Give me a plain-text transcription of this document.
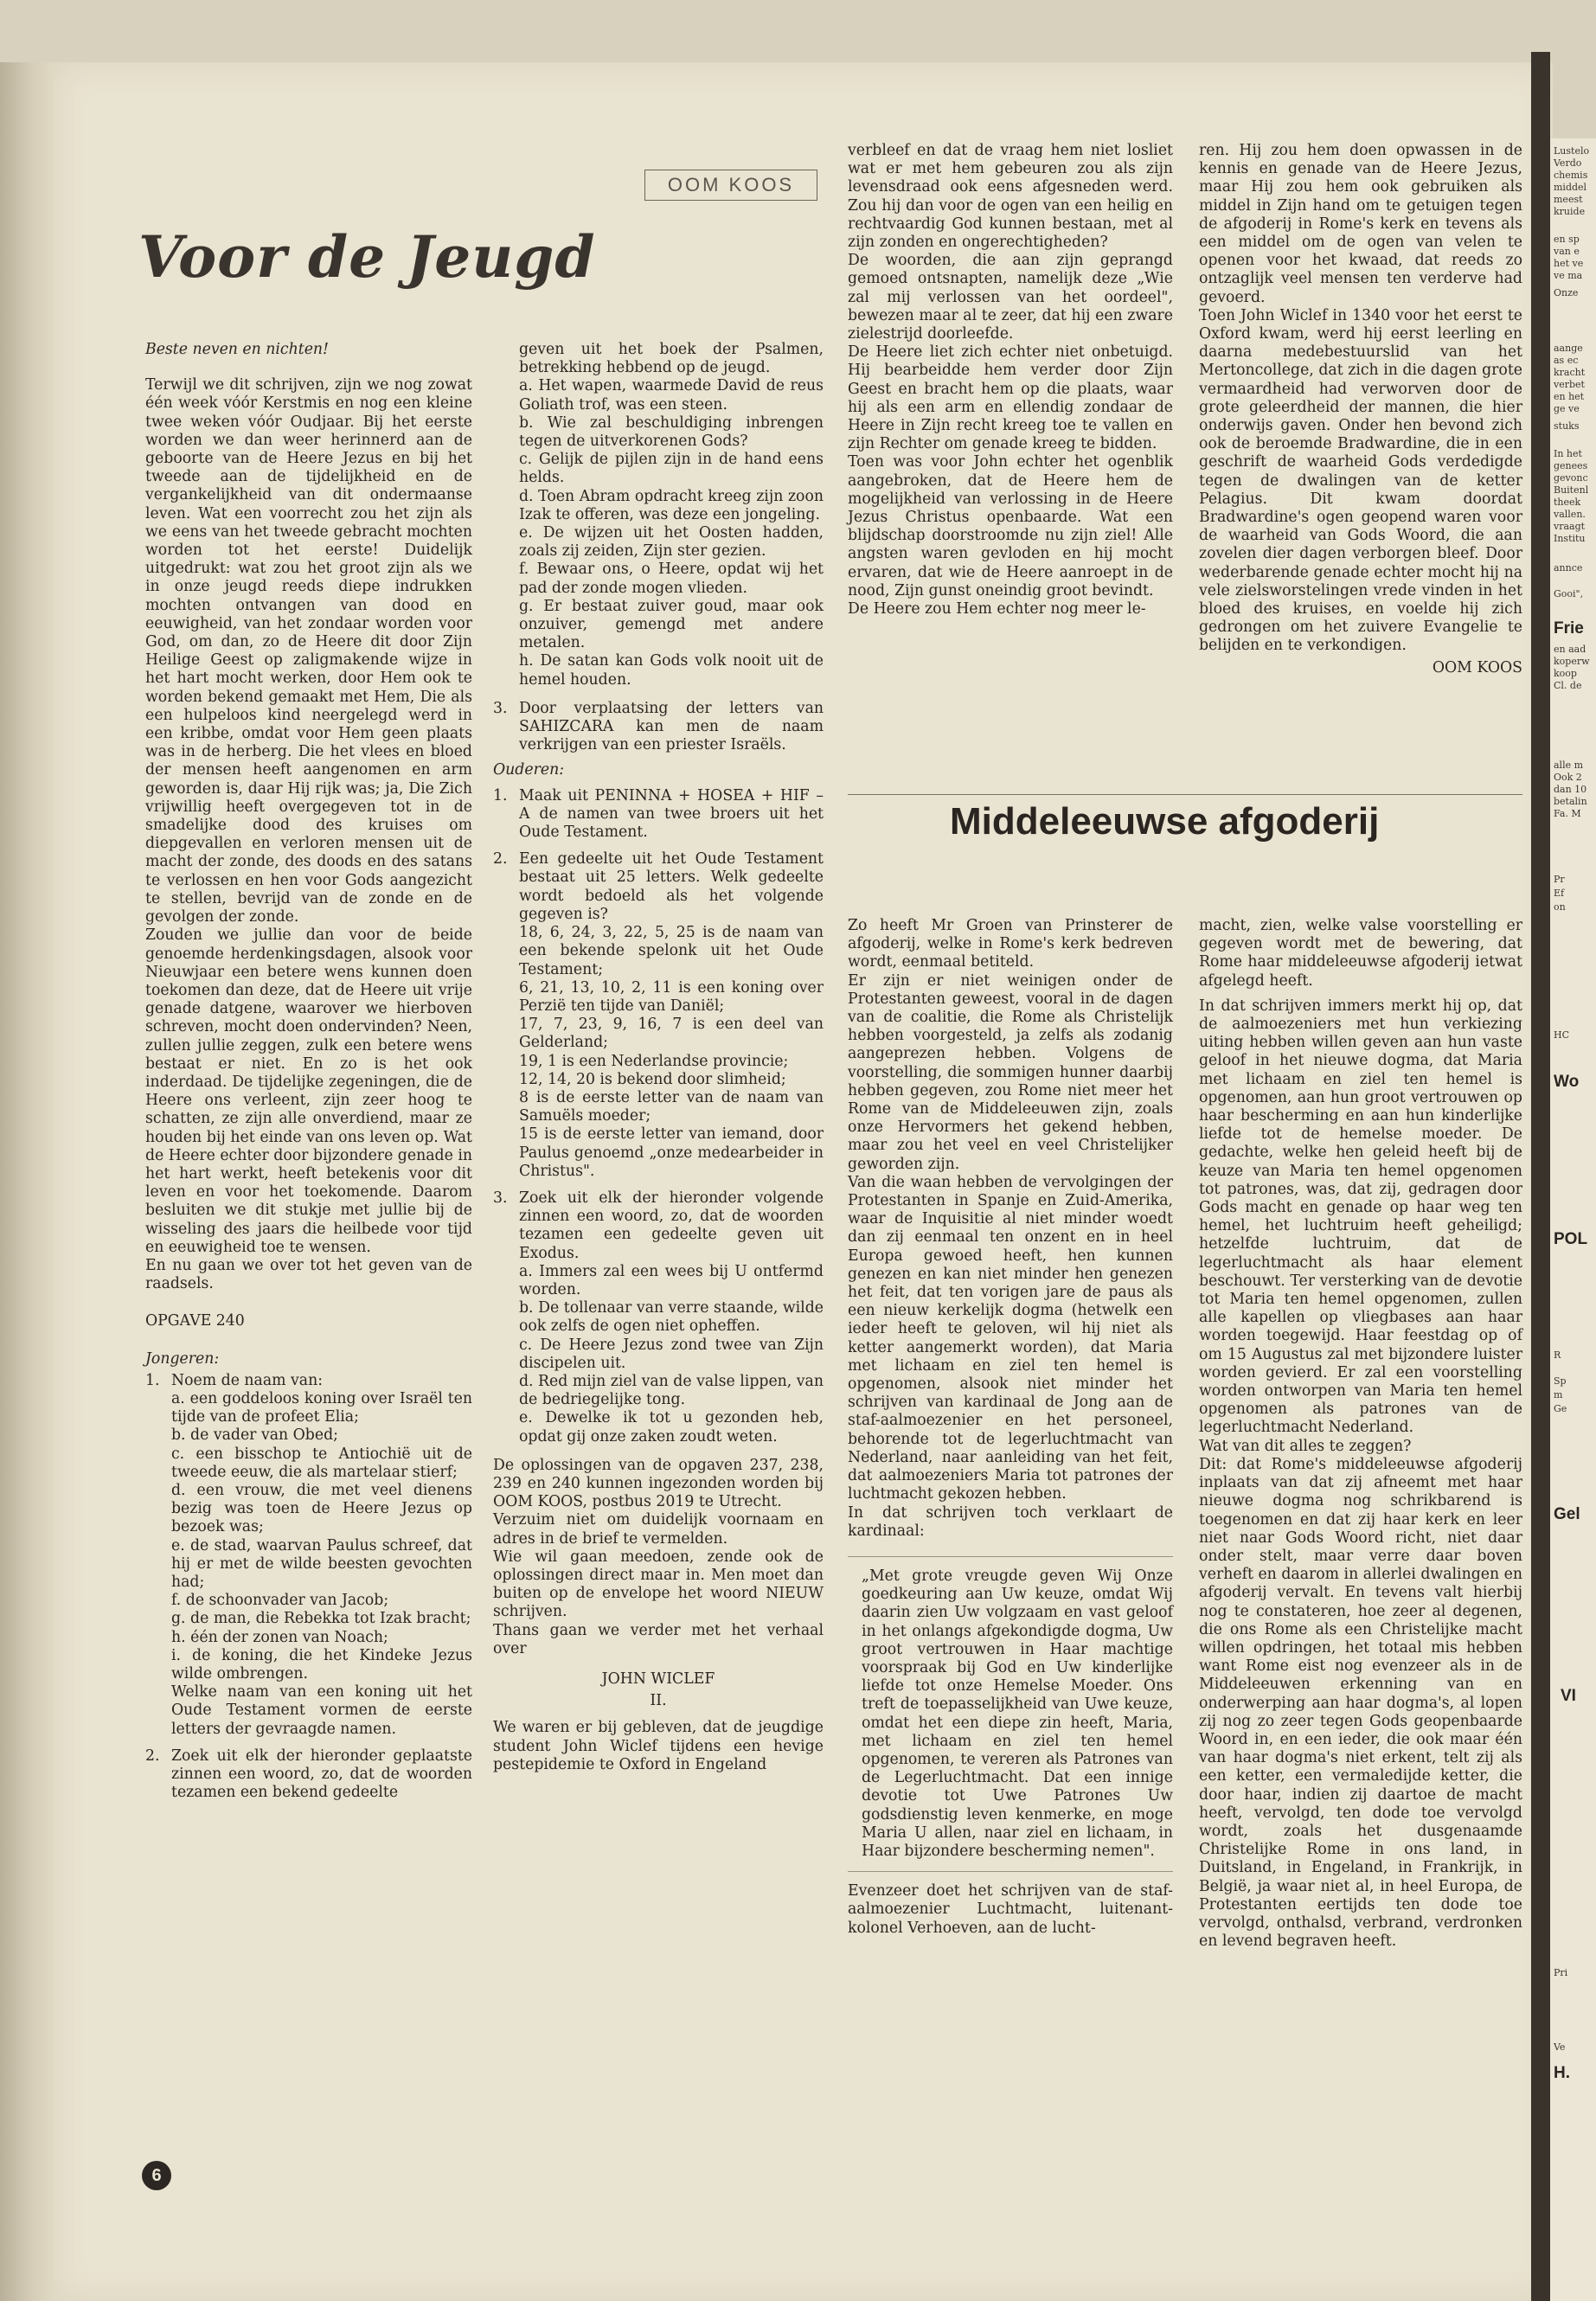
Lustelo
Verdo
chemis
middel
meest
kruide
en sp
van e
het ve
ve ma
Onze
aange
as ec
kracht
verbet
en het
ge ve
stuks
In het
genees
gevonc
Buitenl
theek
vallen.
vraagt
Institu
annce
Gooi",
Frie
en aad
koperw
koop
Cl. de
alle m
Ook 2
dan 10
betalin
Fa. M
Pr
Ef
on
HC
Wo
POL
R
Sp
m
Ge
Gel
VI
Pri
Ve
H.
Voor de Jeugd
OOM KOOS

Beste neven en nichten!

Terwijl we dit schrijven, zijn we nog zowat één week vóór Kerstmis en nog een kleine twee weken vóór Oudjaar. Bij het eerste worden we dan weer herinnerd aan de geboorte van de Heere Jezus en bij het tweede aan de tijdelijkheid en de vergankelijkheid van dit ondermaanse leven. Wat een voorrecht zou het zijn als we eens van het tweede gebracht mochten worden tot het eerste! Duidelijk uitgedrukt: wat zou het groot zijn als we in onze jeugd reeds diepe indrukken mochten ontvangen van dood en eeuwigheid, van het zondaar worden voor God, om dan, zo de Heere dit door Zijn Heilige Geest op zaligmakende wijze in het hart mocht werken, door Hem ook te worden bekend gemaakt met Hem, Die als een hulpeloos kind neergelegd werd in een kribbe, omdat voor Hem geen plaats was in de herberg. Die het vlees en bloed der mensen heeft aangenomen en arm geworden is, daar Hij rijk was; ja, Die Zich vrijwillig heeft overgegeven tot in de smadelijke dood des kruises om diepgevallen en verloren mensen uit de macht der zonde, des doods en des satans te verlossen en hen voor Gods aangezicht te stellen, bevrijd van de zonde en de gevolgen der zonde.

Zouden we jullie dan voor de beide genoemde herdenkingsdagen, alsook voor Nieuwjaar een betere wens kunnen doen toekomen dan deze, dat de Heere uit vrije genade datgene, waarover we hierboven schreven, mocht doen ondervinden? Neen, zullen jullie zeggen, zulk een betere wens bestaat er niet. En zo is het ook inderdaad. De tijdelijke zegeningen, die de Heere ons verleent, zijn zeer hoog te schatten, ze zijn alle onverdiend, maar ze houden bij het einde van ons leven op. Wat de Heere echter door bijzondere genade in het hart werkt, heeft betekenis voor dit leven en voor het toekomende. Daarom besluiten we dit stukje met jullie bij de wisseling des jaars die heilbede voor tijd en eeuwigheid toe te wensen.

En nu gaan we over tot het geven van de raadsels.

OPGAVE 240

Jongeren:

1. Noem de naam van:

a. een goddeloos koning over Israël ten tijde van de profeet Elia;

b. de vader van Obed;

c. een bisschop te Antiochië uit de tweede eeuw, die als martelaar stierf;

d. een vrouw, die met veel dienens bezig was toen de Heere Jezus op bezoek was;

e. de stad, waarvan Paulus schreef, dat hij er met de wilde beesten gevochten had;

f. de schoonvader van Jacob;

g. de man, die Rebekka tot Izak bracht;

h. één der zonen van Noach;

i. de koning, die het Kindeke Jezus wilde ombrengen.

Welke naam van een koning uit het Oude Testament vormen de eerste letters der gevraagde namen.

2. Zoek uit elk der hieronder geplaatste zinnen een woord, zo, dat de woorden tezamen een bekend gedeelte

geven uit het boek der Psalmen, betrekking hebbend op de jeugd.

a. Het wapen, waarmede David de reus Goliath trof, was een steen.

b. Wie zal beschuldiging inbrengen tegen de uitverkorenen Gods?

c. Gelijk de pijlen zijn in de hand eens helds.

d. Toen Abram opdracht kreeg zijn zoon Izak te offeren, was deze een jongeling.

e. De wijzen uit het Oosten hadden, zoals zij zeiden, Zijn ster gezien.

f. Bewaar ons, o Heere, opdat wij het pad der zonde mogen vlieden.

g. Er bestaat zuiver goud, maar ook onzuiver, gemengd met andere metalen.

h. De satan kan Gods volk nooit uit de hemel houden.

3. Door verplaatsing der letters van SAHIZCARA kan men de naam verkrijgen van een priester Israëls.

Ouderen:

1. Maak uit PENINNA + HOSEA + HIF – A de namen van twee broers uit het Oude Testament.

2. Een gedeelte uit het Oude Testament bestaat uit 25 letters. Welk gedeelte wordt bedoeld als het volgende gegeven is?

18, 6, 24, 3, 22, 5, 25 is de naam van een bekende spelonk uit het Oude Testament;

6, 21, 13, 10, 2, 11 is een koning over Perzië ten tijde van Daniël;

17, 7, 23, 9, 16, 7 is een deel van Gelderland;

19, 1 is een Nederlandse provincie;

12, 14, 20 is bekend door slimheid;

8 is de eerste letter van de naam van Samuëls moeder;

15 is de eerste letter van iemand, door Paulus genoemd „onze medearbeider in Christus".

3. Zoek uit elk der hieronder volgende zinnen een woord, zo, dat de woorden tezamen een gedeelte geven uit Exodus.

a. Immers zal een wees bij U ontfermd worden.

b. De tollenaar van verre staande, wilde ook zelfs de ogen niet opheffen.

c. De Heere Jezus zond twee van Zijn discipelen uit.

d. Red mijn ziel van de valse lippen, van de bedriegelijke tong.

e. Dewelke ik tot u gezonden heb, opdat gij onze zaken zoudt weten.

De oplossingen van de opgaven 237, 238, 239 en 240 kunnen ingezonden worden bij OOM KOOS, postbus 2019 te Utrecht.

Verzuim niet om duidelijk voornaam en adres in de brief te vermelden.

Wie wil gaan meedoen, zende ook de oplossingen direct maar in. Men moet dan buiten op de envelope het woord NIEUW schrijven.

Thans gaan we verder met het verhaal over

JOHN WICLEF

II.

We waren er bij gebleven, dat de jeugdige student John Wiclef tijdens een hevige pestepidemie te Oxford in Engeland

verbleef en dat de vraag hem niet losliet wat er met hem gebeuren zou als zijn levensdraad ook eens afgesneden werd. Zou hij dan voor de ogen van een heilig en rechtvaardig God kunnen bestaan, met al zijn zonden en ongerechtigheden?

De woorden, die aan zijn geprangd gemoed ontsnapten, namelijk deze „Wie zal mij verlossen van het oordeel", bewezen maar al te zeer, dat hij een zware zielestrijd doorleefde.

De Heere liet zich echter niet onbetuigd. Hij bearbeidde hem verder door Zijn Geest en bracht hem op die plaats, waar hij als een arm en ellendig zondaar de Heere in Zijn recht kreeg toe te vallen en zijn Rechter om genade kreeg te bidden.

Toen was voor John echter het ogenblik aangebroken, dat de Heere hem de mogelijkheid van verlossing in de Heere Jezus Christus openbaarde. Wat een blijdschap doorstroomde nu zijn ziel! Alle angsten waren gevloden en hij mocht ervaren, dat wie de Heere aanroept in de nood, Zijn gunst oneindig groot bevindt.

De Heere zou Hem echter nog meer le-

ren. Hij zou hem doen opwassen in de kennis en genade van de Heere Jezus, maar Hij zou hem ook gebruiken als middel in Zijn hand om te getuigen tegen de afgoderij in Rome's kerk en tevens als een middel om de ogen van velen te openen voor het kwaad, dat reeds zo ontzaglijk veel mensen ten verderve had gevoerd.

Toen John Wiclef in 1340 voor het eerst te Oxford kwam, werd hij eerst leerling en daarna medebestuurslid van het Mertoncollege, dat zich in die dagen grote vermaardheid had verworven door de grote geleerdheid der mannen, die hier onderwijs gaven. Onder hen bevond zich ook de beroemde Bradwardine, die in een geschrift de waarheid Gods verdedigde tegen de dwalingen van de ketter Pelagius. Dit kwam doordat Bradwardine's ogen geopend waren voor de waarheid van Gods Woord, die aan zovelen dier dagen verborgen bleef. Door wederbarende genade echter mocht hij na vele zielsworstelingen vrede vinden in het bloed des kruises, en voelde hij zich gedrongen om het zuivere Evangelie te belijden en te verkondigen.

OOM KOOS

Middeleeuwse afgoderij

Zo heeft Mr Groen van Prinsterer de afgoderij, welke in Rome's kerk bedreven wordt, eenmaal betiteld.

Er zijn er niet weinigen onder de Protestanten geweest, vooral in de dagen van de coalitie, die Rome als Christelijk hebben voorgesteld, ja zelfs als zodanig aangeprezen hebben. Volgens de voorstelling, die sommigen hunner daarbij hebben gegeven, zou Rome niet meer het Rome van de Middeleeuwen zijn, zoals onze Hervormers het gekend hebben, maar zou het veel en veel Christelijker geworden zijn.

Van die waan hebben de vervolgingen der Protestanten in Spanje en Zuid-Amerika, waar de Inquisitie al niet minder woedt dan zij eenmaal ten onzent en in heel Europa gewoed heeft, hen kunnen genezen en kan niet minder hen genezen het feit, dat ten vorigen jare de paus als een nieuw kerkelijk dogma (hetwelk een ieder heeft te geloven, wil hij niet als ketter aangemerkt worden), dat Maria met lichaam en ziel ten hemel is opgenomen, alsook niet minder het schrijven van kardinaal de Jong aan de staf-aalmoezenier en het personeel, behorende tot de legerluchtmacht van Nederland, naar aanleiding van het feit, dat aalmoezeniers Maria tot patrones der luchtmacht gekozen hebben.

In dat schrijven toch verklaart de kardinaal:

„Met grote vreugde geven Wij Onze goedkeuring aan Uw keuze, omdat Wij daarin zien Uw volgzaam en vast geloof in het onlangs afgekondigde dogma, Uw groot vertrouwen in Haar machtige voorspraak bij God en Uw kinderlijke liefde tot onze Hemelse Moeder. Ons treft de toepasselijkheid van Uwe keuze, omdat het een diepe zin heeft, Maria, met lichaam en ziel ten hemel opgenomen, te vereren als Patrones van de Legerluchtmacht. Dat een innige devotie tot Uwe Patrones Uw godsdienstig leven kenmerke, en moge Maria U allen, naar ziel en lichaam, in Haar bijzondere bescherming nemen".

Evenzeer doet het schrijven van de staf-aalmoezenier Luchtmacht, luitenant-kolonel Verhoeven, aan de lucht-

macht, zien, welke valse voorstelling er gegeven wordt met de bewering, dat Rome haar middeleeuwse afgoderij ietwat afgelegd heeft.

In dat schrijven immers merkt hij op, dat de aalmoezeniers met hun verkiezing uiting hebben willen geven aan hun vaste geloof in het nieuwe dogma, dat Maria met lichaam en ziel ten hemel is opgenomen, aan hun groot vertrouwen op haar bescherming en aan hun kinderlijke liefde tot de hemelse moeder. De gedachte, welke hen geleid heeft bij de keuze van Maria ten hemel opgenomen tot patrones, was, dat zij, gedragen door Gods macht en genade op haar weg ten hemel, het luchtruim heeft geheiligd; hetzelfde luchtruim, dat de legerluchtmacht als haar element beschouwt. Ter versterking van de devotie tot Maria ten hemel opgenomen, zullen alle kapellen op vliegbases aan haar worden toegewijd. Haar feestdag op of om 15 Augustus zal met bijzondere luister worden gevierd. Er zal een voorstelling worden ontworpen van Maria ten hemel opgenomen als patrones van de legerluchtmacht Nederland.

Wat van dit alles te zeggen?

Dit: dat Rome's middeleeuwse afgoderij inplaats van dat zij afneemt met haar nieuwe dogma nog schrikbarend is toegenomen en dat zij haar kerk en leer niet naar Gods Woord richt, niet daar onder stelt, maar verre daar boven verheft en daarom in allerlei dwalingen en afgoderij vervalt. En tevens valt hierbij nog te constateren, hoe zeer al degenen, die ons Rome als een Christelijke macht willen opdringen, het totaal mis hebben want Rome eist nog evenzeer als in de Middeleeuwen erkenning van en onderwerping aan haar dogma's, al lopen zij nog zo zeer tegen Gods geopenbaarde Woord in, en een ieder, die ook maar één van haar dogma's niet erkent, telt zij als een ketter, een vermaledijde ketter, die door haar, indien zij daartoe de macht heeft, vervolgd, ten dode toe vervolgd wordt, zoals het dusgenaamde Christelijke Rome in ons land, in Duitsland, in Engeland, in Frankrijk, in België, ja waar niet al, in heel Europa, de Protestanten eertijds ten dode toe vervolgd, onthalsd, verbrand, verdronken en levend begraven heeft.

6
